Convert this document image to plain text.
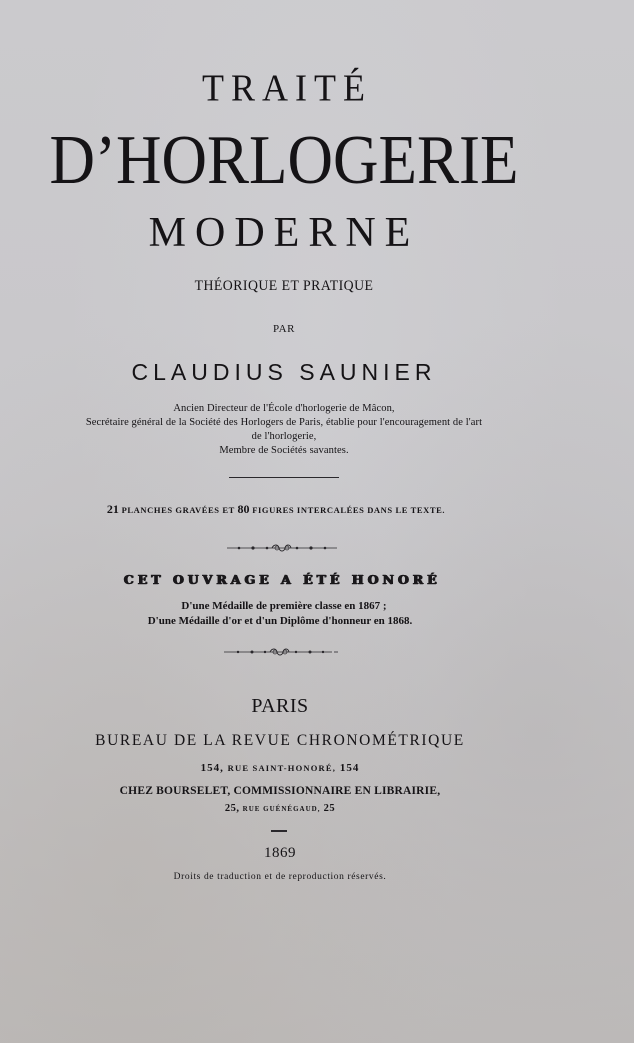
TRAITÉ
D’HORLOGERIE
MODERNE
THÉORIQUE ET PRATIQUE
PAR
CLAUDIUS SAUNIER
Ancien Directeur de l'École d'horlogerie de Mâcon,
Secrétaire général de la Société des Horlogers de Paris, établie pour l'encouragement de l'art
de l'horlogerie,
Membre de Sociétés savantes.
21 PLANCHES GRAVÉES ET 80 FIGURES INTERCALÉES DANS LE TEXTE.
CET OUVRAGE A ÉTÉ HONORÉ
D'une Médaille de première classe en 1867 ;
D'une Médaille d'or et d'un Diplôme d'honneur en 1868.
PARIS
BUREAU DE LA REVUE CHRONOMÉTRIQUE
154, RUE SAINT-HONORÉ, 154
CHEZ BOURSELET, COMMISSIONNAIRE EN LIBRAIRIE,
25, RUE GUÉNÉGAUD, 25
1869
Droits de traduction et de reproduction réservés.
